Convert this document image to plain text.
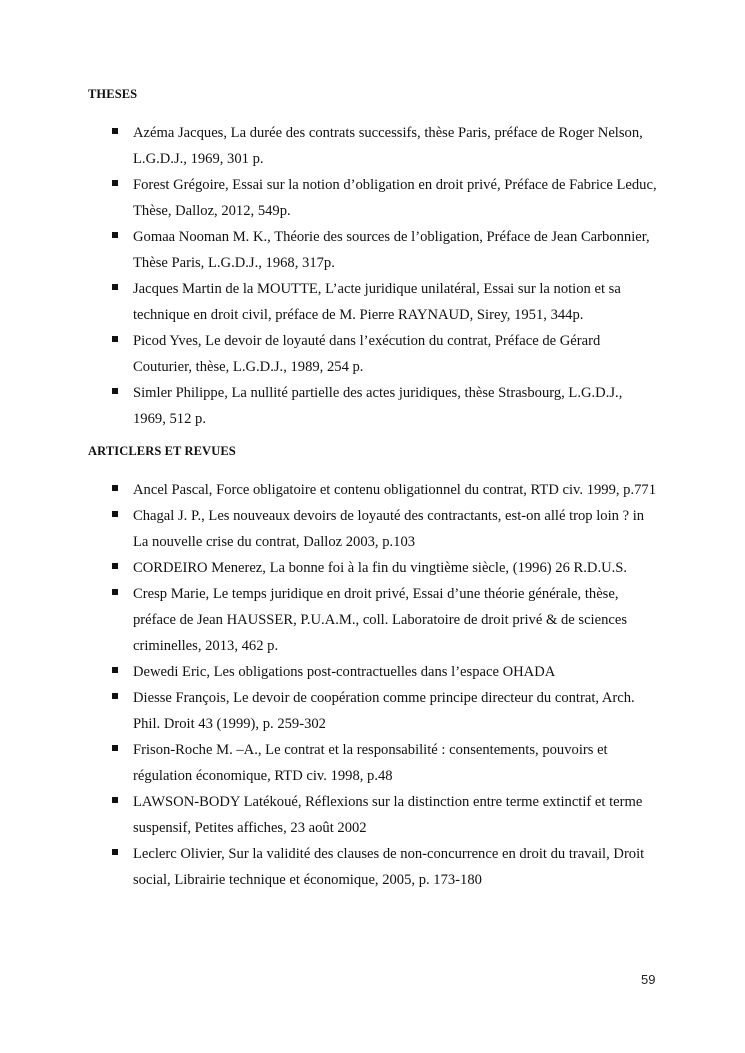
THESES
Azéma Jacques, La durée des contrats successifs, thèse Paris, préface de Roger Nelson, L.G.D.J., 1969, 301 p.
Forest Grégoire, Essai sur la notion d’obligation en droit privé, Préface de Fabrice Leduc, Thèse, Dalloz, 2012, 549p.
Gomaa Nooman M. K., Théorie des sources de l’obligation, Préface de Jean Carbonnier, Thèse Paris, L.G.D.J., 1968, 317p.
Jacques Martin de la MOUTTE, L’acte juridique unilatéral, Essai sur la notion et sa technique en droit civil, préface de M. Pierre RAYNAUD, Sirey, 1951, 344p.
Picod Yves, Le devoir de loyauté dans l’exécution du contrat, Préface de Gérard Couturier, thèse, L.G.D.J., 1989, 254 p.
Simler Philippe, La nullité partielle des actes juridiques, thèse Strasbourg, L.G.D.J., 1969, 512 p.
ARTICLERS ET REVUES
Ancel Pascal, Force obligatoire et contenu obligationnel du contrat, RTD civ. 1999, p.771
Chagal J. P., Les nouveaux devoirs de loyauté des contractants, est-on allé trop loin ? in La nouvelle crise du contrat, Dalloz 2003, p.103
CORDEIRO Menerez, La bonne foi à la fin du vingtième siècle, (1996) 26 R.D.U.S.
Cresp Marie, Le temps juridique en droit privé, Essai d’une théorie générale, thèse, préface de Jean HAUSSER, P.U.A.M., coll. Laboratoire de droit privé & de sciences criminelles, 2013, 462 p.
Dewedi Eric, Les obligations post-contractuelles dans l’espace OHADA
Diesse François, Le devoir de coopération comme principe directeur du contrat, Arch. Phil. Droit 43 (1999), p. 259-302
Frison-Roche M. –A., Le contrat et la responsabilité : consentements, pouvoirs et régulation économique, RTD civ. 1998, p.48
LAWSON-BODY Latékoué, Réflexions sur la distinction entre terme extinctif et terme suspensif, Petites affiches, 23 août 2002
Leclerc Olivier, Sur la validité des clauses de non-concurrence en droit du travail, Droit social, Librairie technique et économique, 2005, p. 173-180
59
